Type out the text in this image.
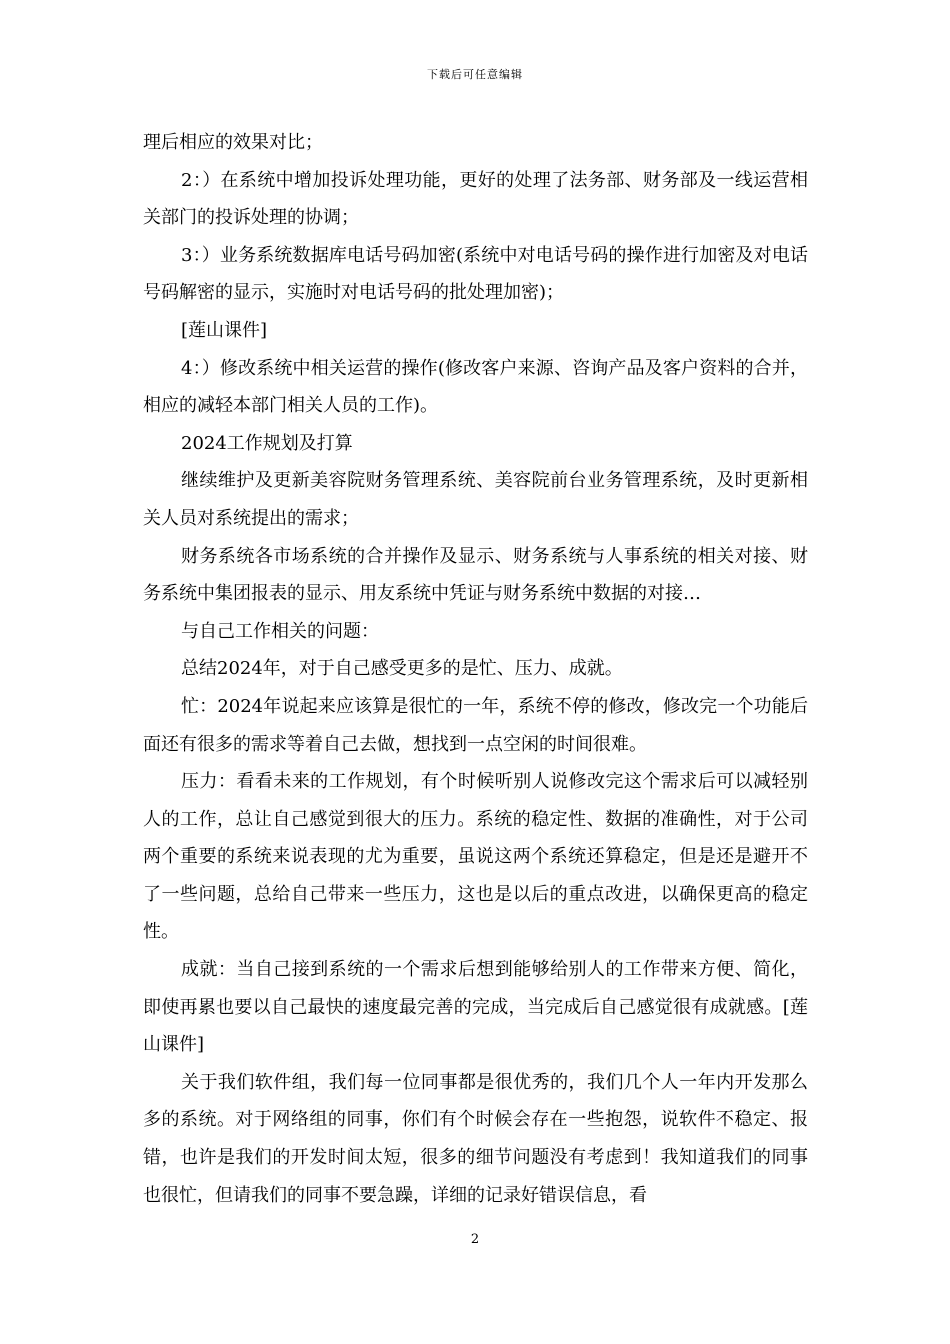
下载后可任意编辑

理后相应的效果对比；

2：）在系统中增加投诉处理功能，更好的处理了法务部、财务部及一线运营相关部门的投诉处理的协调；

3：）业务系统数据库电话号码加密(系统中对电话号码的操作进行加密及对电话号码解密的显示，实施时对电话号码的批处理加密)；

[莲山课件]

4：）修改系统中相关运营的操作(修改客户来源、咨询产品及客户资料的合并，相应的减轻本部门相关人员的工作)。

2024工作规划及打算

继续维护及更新美容院财务管理系统、美容院前台业务管理系统，及时更新相关人员对系统提出的需求；

财务系统各市场系统的合并操作及显示、财务系统与人事系统的相关对接、财务系统中集团报表的显示、用友系统中凭证与财务系统中数据的对接…

与自己工作相关的问题：

总结2024年，对于自己感受更多的是忙、压力、成就。

忙：2024年说起来应该算是很忙的一年，系统不停的修改，修改完一个功能后面还有很多的需求等着自己去做，想找到一点空闲的时间很难。

压力：看看未来的工作规划，有个时候听别人说修改完这个需求后可以减轻别人的工作，总让自己感觉到很大的压力。系统的稳定性、数据的准确性，对于公司两个重要的系统来说表现的尤为重要，虽说这两个系统还算稳定，但是还是避开不了一些问题，总给自己带来一些压力，这也是以后的重点改进，以确保更高的稳定性。

成就：当自己接到系统的一个需求后想到能够给别人的工作带来方便、简化，即使再累也要以自己最快的速度最完善的完成，当完成后自己感觉很有成就感。[莲山课件]

关于我们软件组，我们每一位同事都是很优秀的，我们几个人一年内开发那么多的系统。对于网络组的同事，你们有个时候会存在一些抱怨，说软件不稳定、报错，也许是我们的开发时间太短，很多的细节问题没有考虑到！我知道我们的同事也很忙，但请我们的同事不要急躁，详细的记录好错误信息，看

2
